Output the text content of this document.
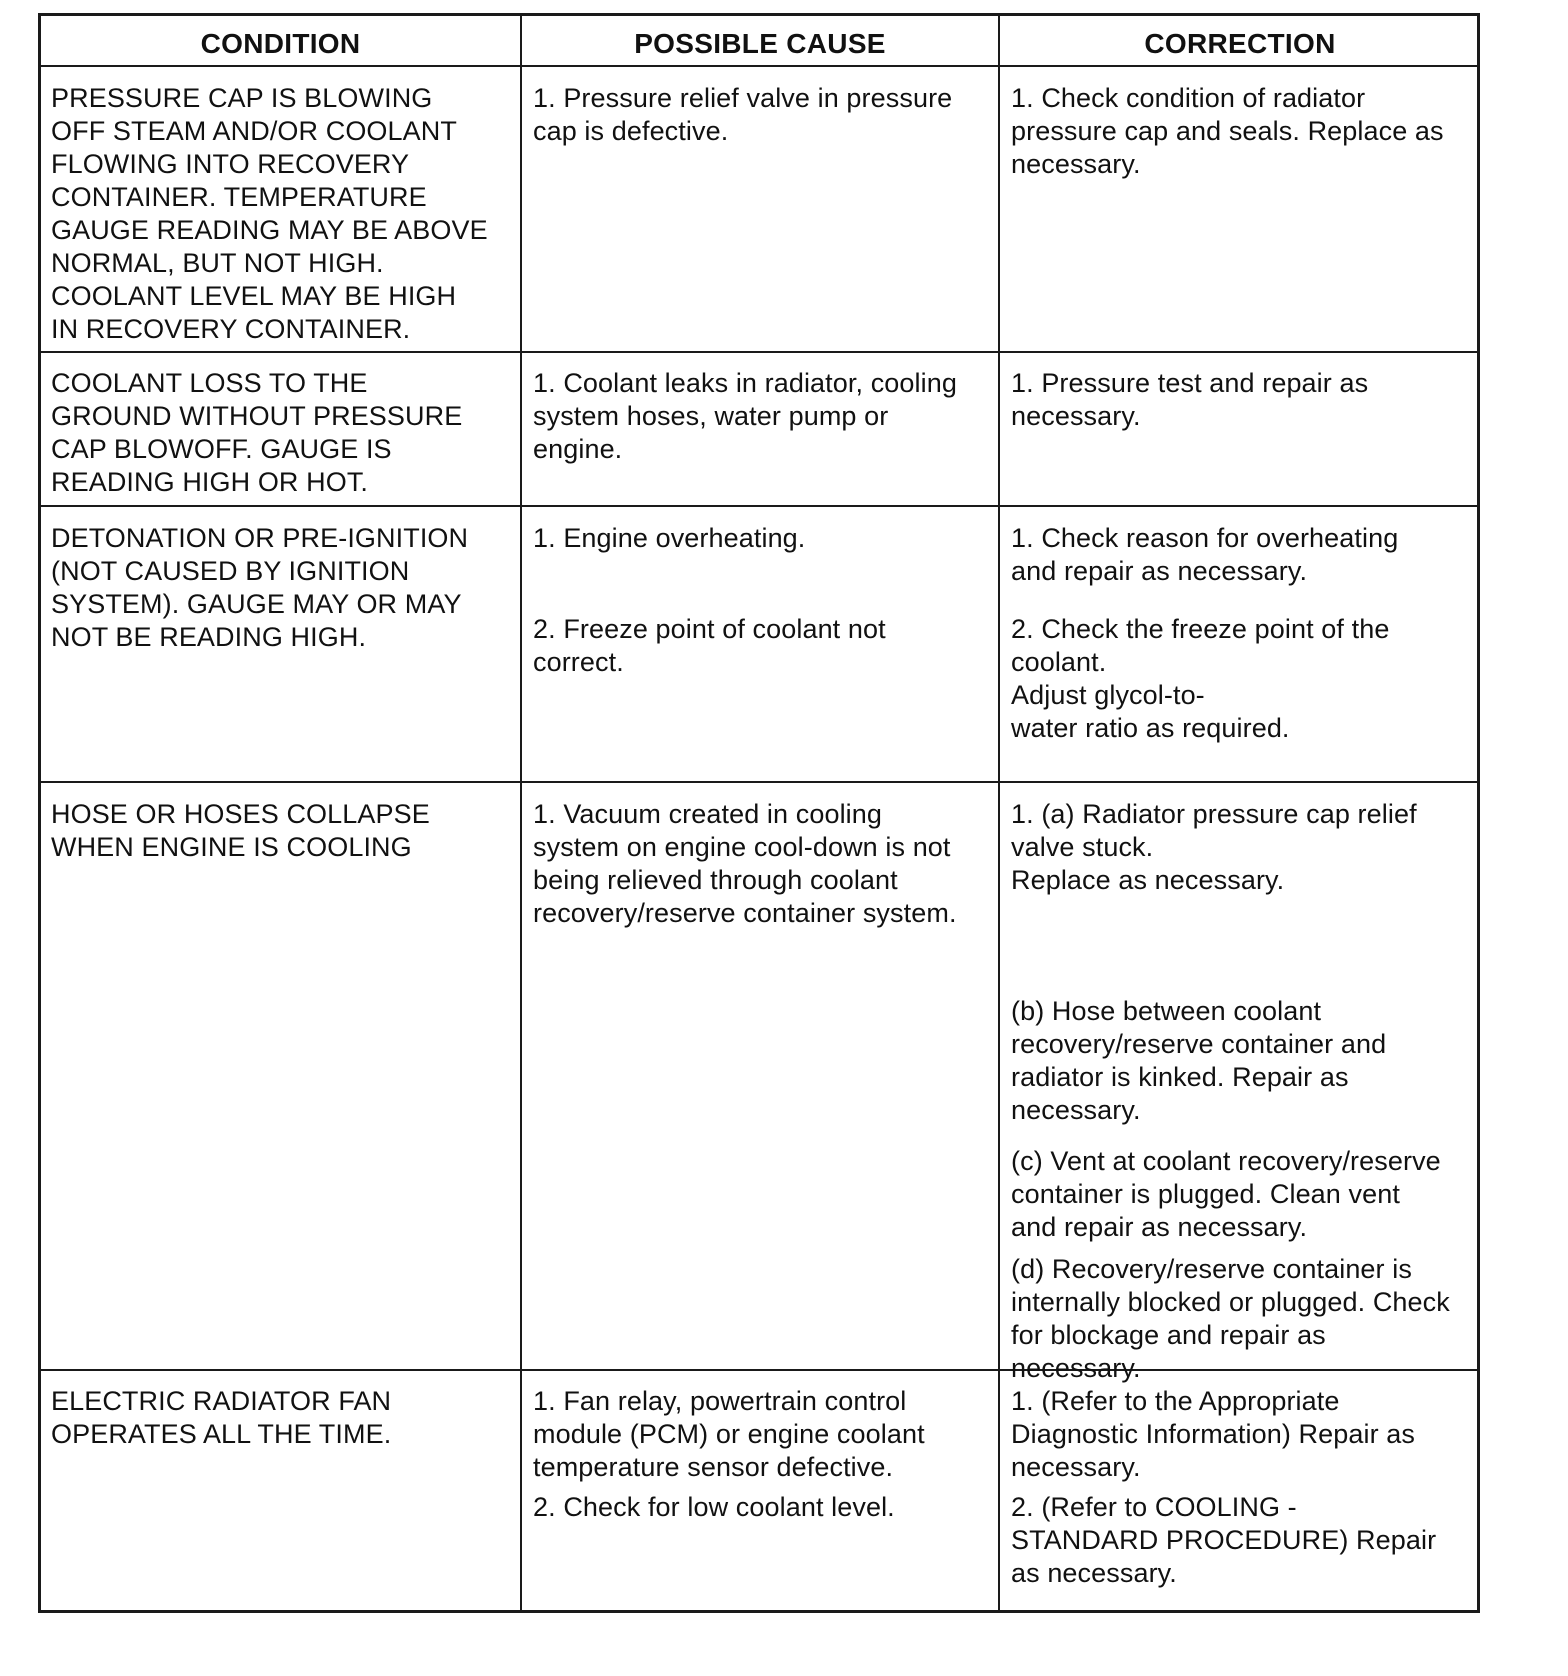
CONDITION	POSSIBLE CAUSE	CORRECTION

PRESSURE CAP IS BLOWING
OFF STEAM AND/OR COOLANT
FLOWING INTO RECOVERY
CONTAINER. TEMPERATURE
GAUGE READING MAY BE ABOVE
NORMAL, BUT NOT HIGH.
COOLANT LEVEL MAY BE HIGH
IN RECOVERY CONTAINER.

1. Pressure relief valve in pressure
cap is defective.

1. Check condition of radiator
pressure cap and seals. Replace as
necessary.

COOLANT LOSS TO THE
GROUND WITHOUT PRESSURE
CAP BLOWOFF. GAUGE IS
READING HIGH OR HOT.

1. Coolant leaks in radiator, cooling
system hoses, water pump or
engine.

1. Pressure test and repair as
necessary.

DETONATION OR PRE-IGNITION
(NOT CAUSED BY IGNITION
SYSTEM). GAUGE MAY OR MAY
NOT BE READING HIGH.

1. Engine overheating.

2. Freeze point of coolant not
correct.

1. Check reason for overheating
and repair as necessary.

2. Check the freeze point of the
coolant.
Adjust glycol-to-
water ratio as required.

HOSE OR HOSES COLLAPSE
WHEN ENGINE IS COOLING

1. Vacuum created in cooling
system on engine cool-down is not
being relieved through coolant
recovery/reserve container system.

1. (a) Radiator pressure cap relief
valve stuck.
Replace as necessary.

(b) Hose between coolant
recovery/reserve container and
radiator is kinked. Repair as
necessary.

(c) Vent at coolant recovery/reserve
container is plugged. Clean vent
and repair as necessary.

(d) Recovery/reserve container is
internally blocked or plugged. Check
for blockage and repair as
necessary.

ELECTRIC RADIATOR FAN
OPERATES ALL THE TIME.

1. Fan relay, powertrain control
module (PCM) or engine coolant
temperature sensor defective.

2. Check for low coolant level.

1. (Refer to the Appropriate
Diagnostic Information) Repair as
necessary.

2. (Refer to COOLING -
STANDARD PROCEDURE) Repair
as necessary.
